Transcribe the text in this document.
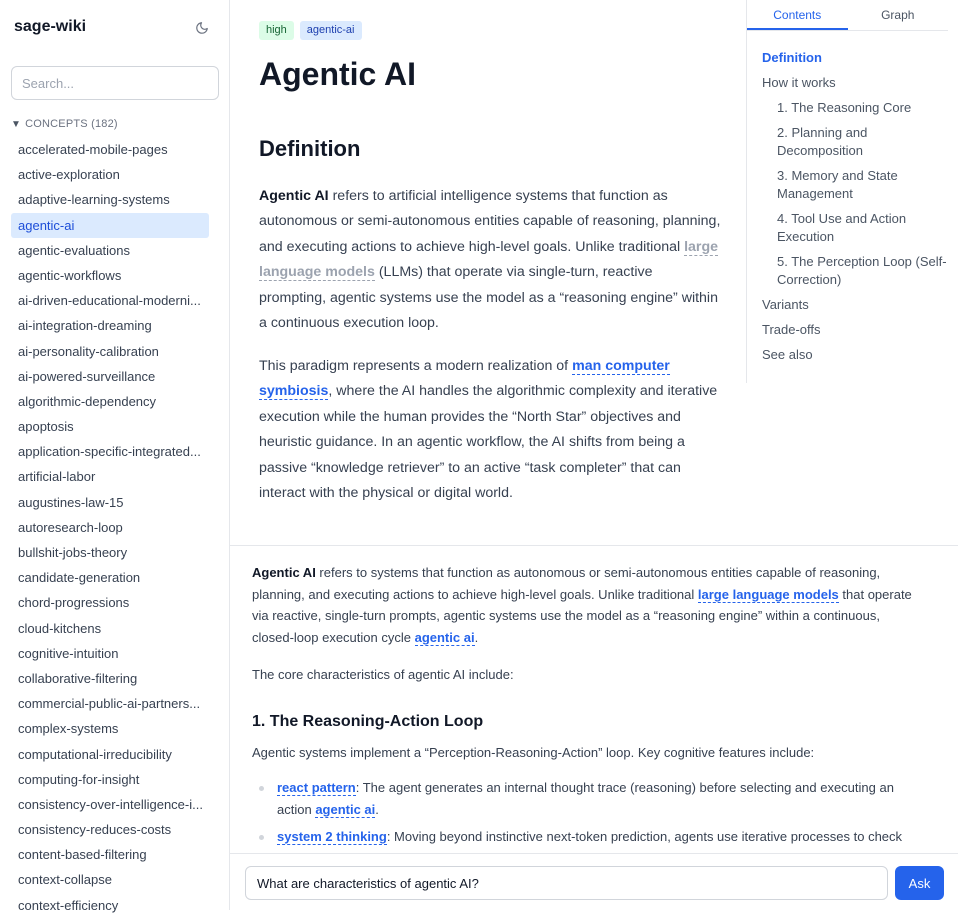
sage-wiki
Search...
▼ CONCEPTS (182)
accelerated-mobile-pages
active-exploration
adaptive-learning-systems
agentic-ai
agentic-evaluations
agentic-workflows
ai-driven-educational-moderni...
ai-integration-dreaming
ai-personality-calibration
ai-powered-surveillance
algorithmic-dependency
apoptosis
application-specific-integrated...
artificial-labor
augustines-law-15
autoresearch-loop
bullshit-jobs-theory
candidate-generation
chord-progressions
cloud-kitchens
cognitive-intuition
collaborative-filtering
commercial-public-ai-partners...
complex-systems
computational-irreducibility
computing-for-insight
consistency-over-intelligence-i...
consistency-reduces-costs
content-based-filtering
context-collapse
context-efficiency
high	agentic-ai
Agentic AI
Definition

Agentic AI refers to artificial intelligence systems that function as autonomous or semi-autonomous entities capable of reasoning, planning, and executing actions to achieve high-level goals. Unlike traditional large language models (LLMs) that operate via single-turn, reactive prompting, agentic systems use the model as a “reasoning engine” within a continuous execution loop.

This paradigm represents a modern realization of man computer symbiosis, where the AI handles the algorithmic complexity and iterative execution while the human provides the “North Star” objectives and heuristic guidance. In an agentic workflow, the AI shifts from being a passive “knowledge retriever” to an active “task completer” that can interact with the physical or digital world.

Contents	Graph
Definition
How it works
1. The Reasoning Core
2. Planning and Decomposition
3. Memory and State Management
4. Tool Use and Action Execution
5. The Perception Loop (Self-Correction)
Variants
Trade-offs
See also

Agentic AI refers to systems that function as autonomous or semi-autonomous entities capable of reasoning, planning, and executing actions to achieve high-level goals. Unlike traditional large language models that operate via reactive, single-turn prompts, agentic systems use the model as a “reasoning engine” within a continuous, closed-loop execution cycle agentic ai.

The core characteristics of agentic AI include:

1. The Reasoning-Action Loop

Agentic systems implement a “Perception-Reasoning-Action” loop. Key cognitive features include:

react pattern: The agent generates an internal thought trace (reasoning) before selecting and executing an action agentic ai.
system 2 thinking: Moving beyond instinctive next-token prediction, agents use iterative processes to check
What are characteristics of agentic AI?
Ask
